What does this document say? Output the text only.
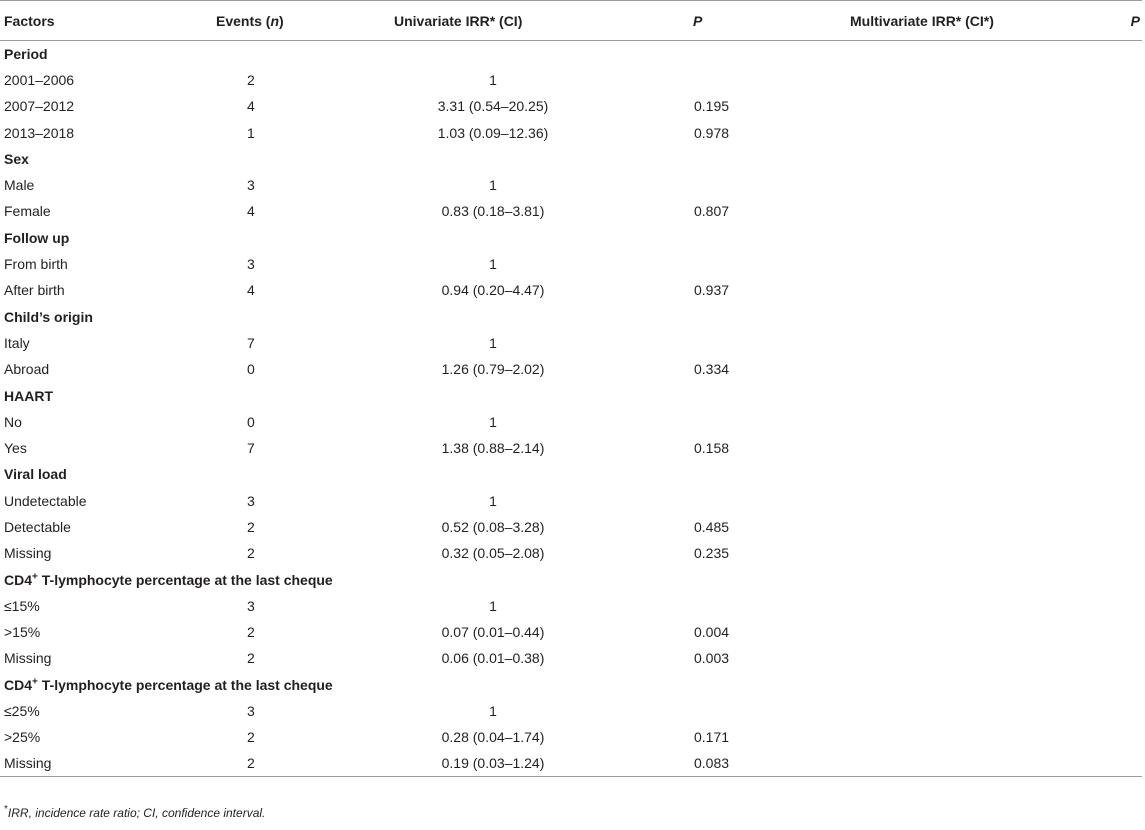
Factors	Events (n)	Univariate IRR* (CI)	P	Multivariate IRR* (CI*)	P
Period					
2001–2006	2	1			
2007–2012	4	3.31 (0.54–20.25)	0.195		
2013–2018	1	1.03 (0.09–12.36)	0.978		
Sex					
Male	3	1			
Female	4	0.83 (0.18–3.81)	0.807		
Follow up					
From birth	3	1			
After birth	4	0.94 (0.20–4.47)	0.937		
Child’s origin					
Italy	7	1			
Abroad	0	1.26 (0.79–2.02)	0.334		
HAART					
No	0	1			
Yes	7	1.38 (0.88–2.14)	0.158		
Viral load					
Undetectable	3	1			
Detectable	2	0.52 (0.08–3.28)	0.485		
Missing	2	0.32 (0.05–2.08)	0.235		
CD4+ T-lymphocyte percentage at the last cheque					
≤15%	3	1			
>15%	2	0.07 (0.01–0.44)	0.004		
Missing	2	0.06 (0.01–0.38)	0.003		
CD4+ T-lymphocyte percentage at the last cheque					
≤25%	3	1			
>25%	2	0.28 (0.04–1.74)	0.171		
Missing	2	0.19 (0.03–1.24)	0.083		
*IRR, incidence rate ratio; CI, confidence interval.
